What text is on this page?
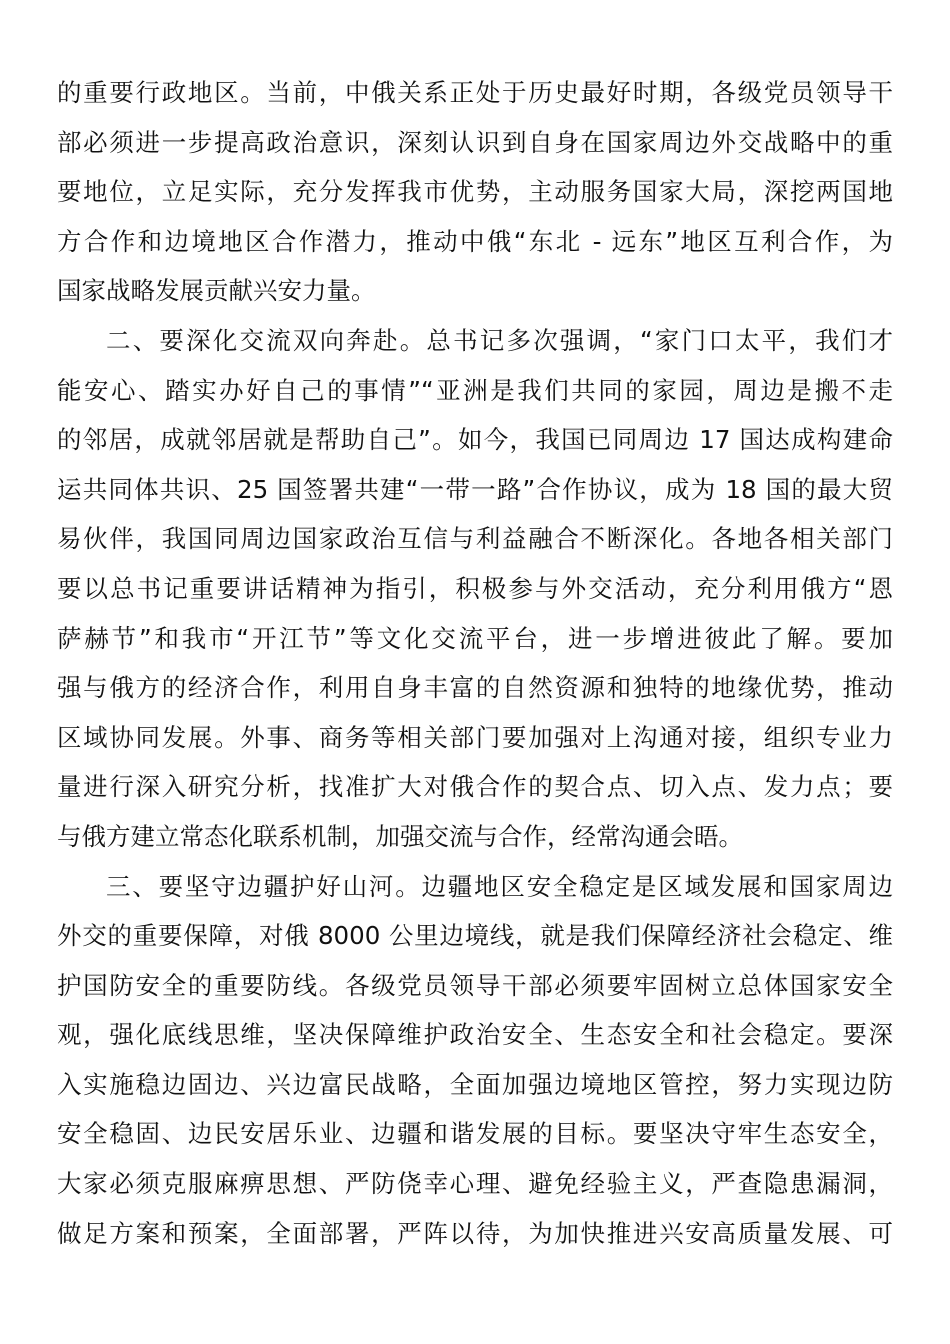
的重要行政地区。当前，中俄关系正处于历史最好时期，各级党员领导干
部必须进一步提高政治意识，深刻认识到自身在国家周边外交战略中的重
要地位，立足实际，充分发挥我市优势，主动服务国家大局，深挖两国地
方合作和边境地区合作潜力，推动中俄“东北 - 远东”地区互利合作，为
国家战略发展贡献兴安力量。
二、要深化交流双向奔赴。总书记多次强调，“家门口太平，我们才
能安心、踏实办好自己的事情”“亚洲是我们共同的家园，周边是搬不走
的邻居，成就邻居就是帮助自己”。如今，我国已同周边 17 国达成构建命
运共同体共识、25 国签署共建“一带一路”合作协议，成为 18 国的最大贸
易伙伴，我国同周边国家政治互信与利益融合不断深化。各地各相关部门
要以总书记重要讲话精神为指引，积极参与外交活动，充分利用俄方“恩
萨赫节”和我市“开江节”等文化交流平台，进一步增进彼此了解。要加
强与俄方的经济合作，利用自身丰富的自然资源和独特的地缘优势，推动
区域协同发展。外事、商务等相关部门要加强对上沟通对接，组织专业力
量进行深入研究分析，找准扩大对俄合作的契合点、切入点、发力点；要
与俄方建立常态化联系机制，加强交流与合作，经常沟通会晤。
三、要坚守边疆护好山河。边疆地区安全稳定是区域发展和国家周边
外交的重要保障，对俄 8000 公里边境线，就是我们保障经济社会稳定、维
护国防安全的重要防线。各级党员领导干部必须要牢固树立总体国家安全
观，强化底线思维，坚决保障维护政治安全、生态安全和社会稳定。要深
入实施稳边固边、兴边富民战略，全面加强边境地区管控，努力实现边防
安全稳固、边民安居乐业、边疆和谐发展的目标。要坚决守牢生态安全，
大家必须克服麻痹思想、严防侥幸心理、避免经验主义，严查隐患漏洞，
做足方案和预案，全面部署，严阵以待，为加快推进兴安高质量发展、可
